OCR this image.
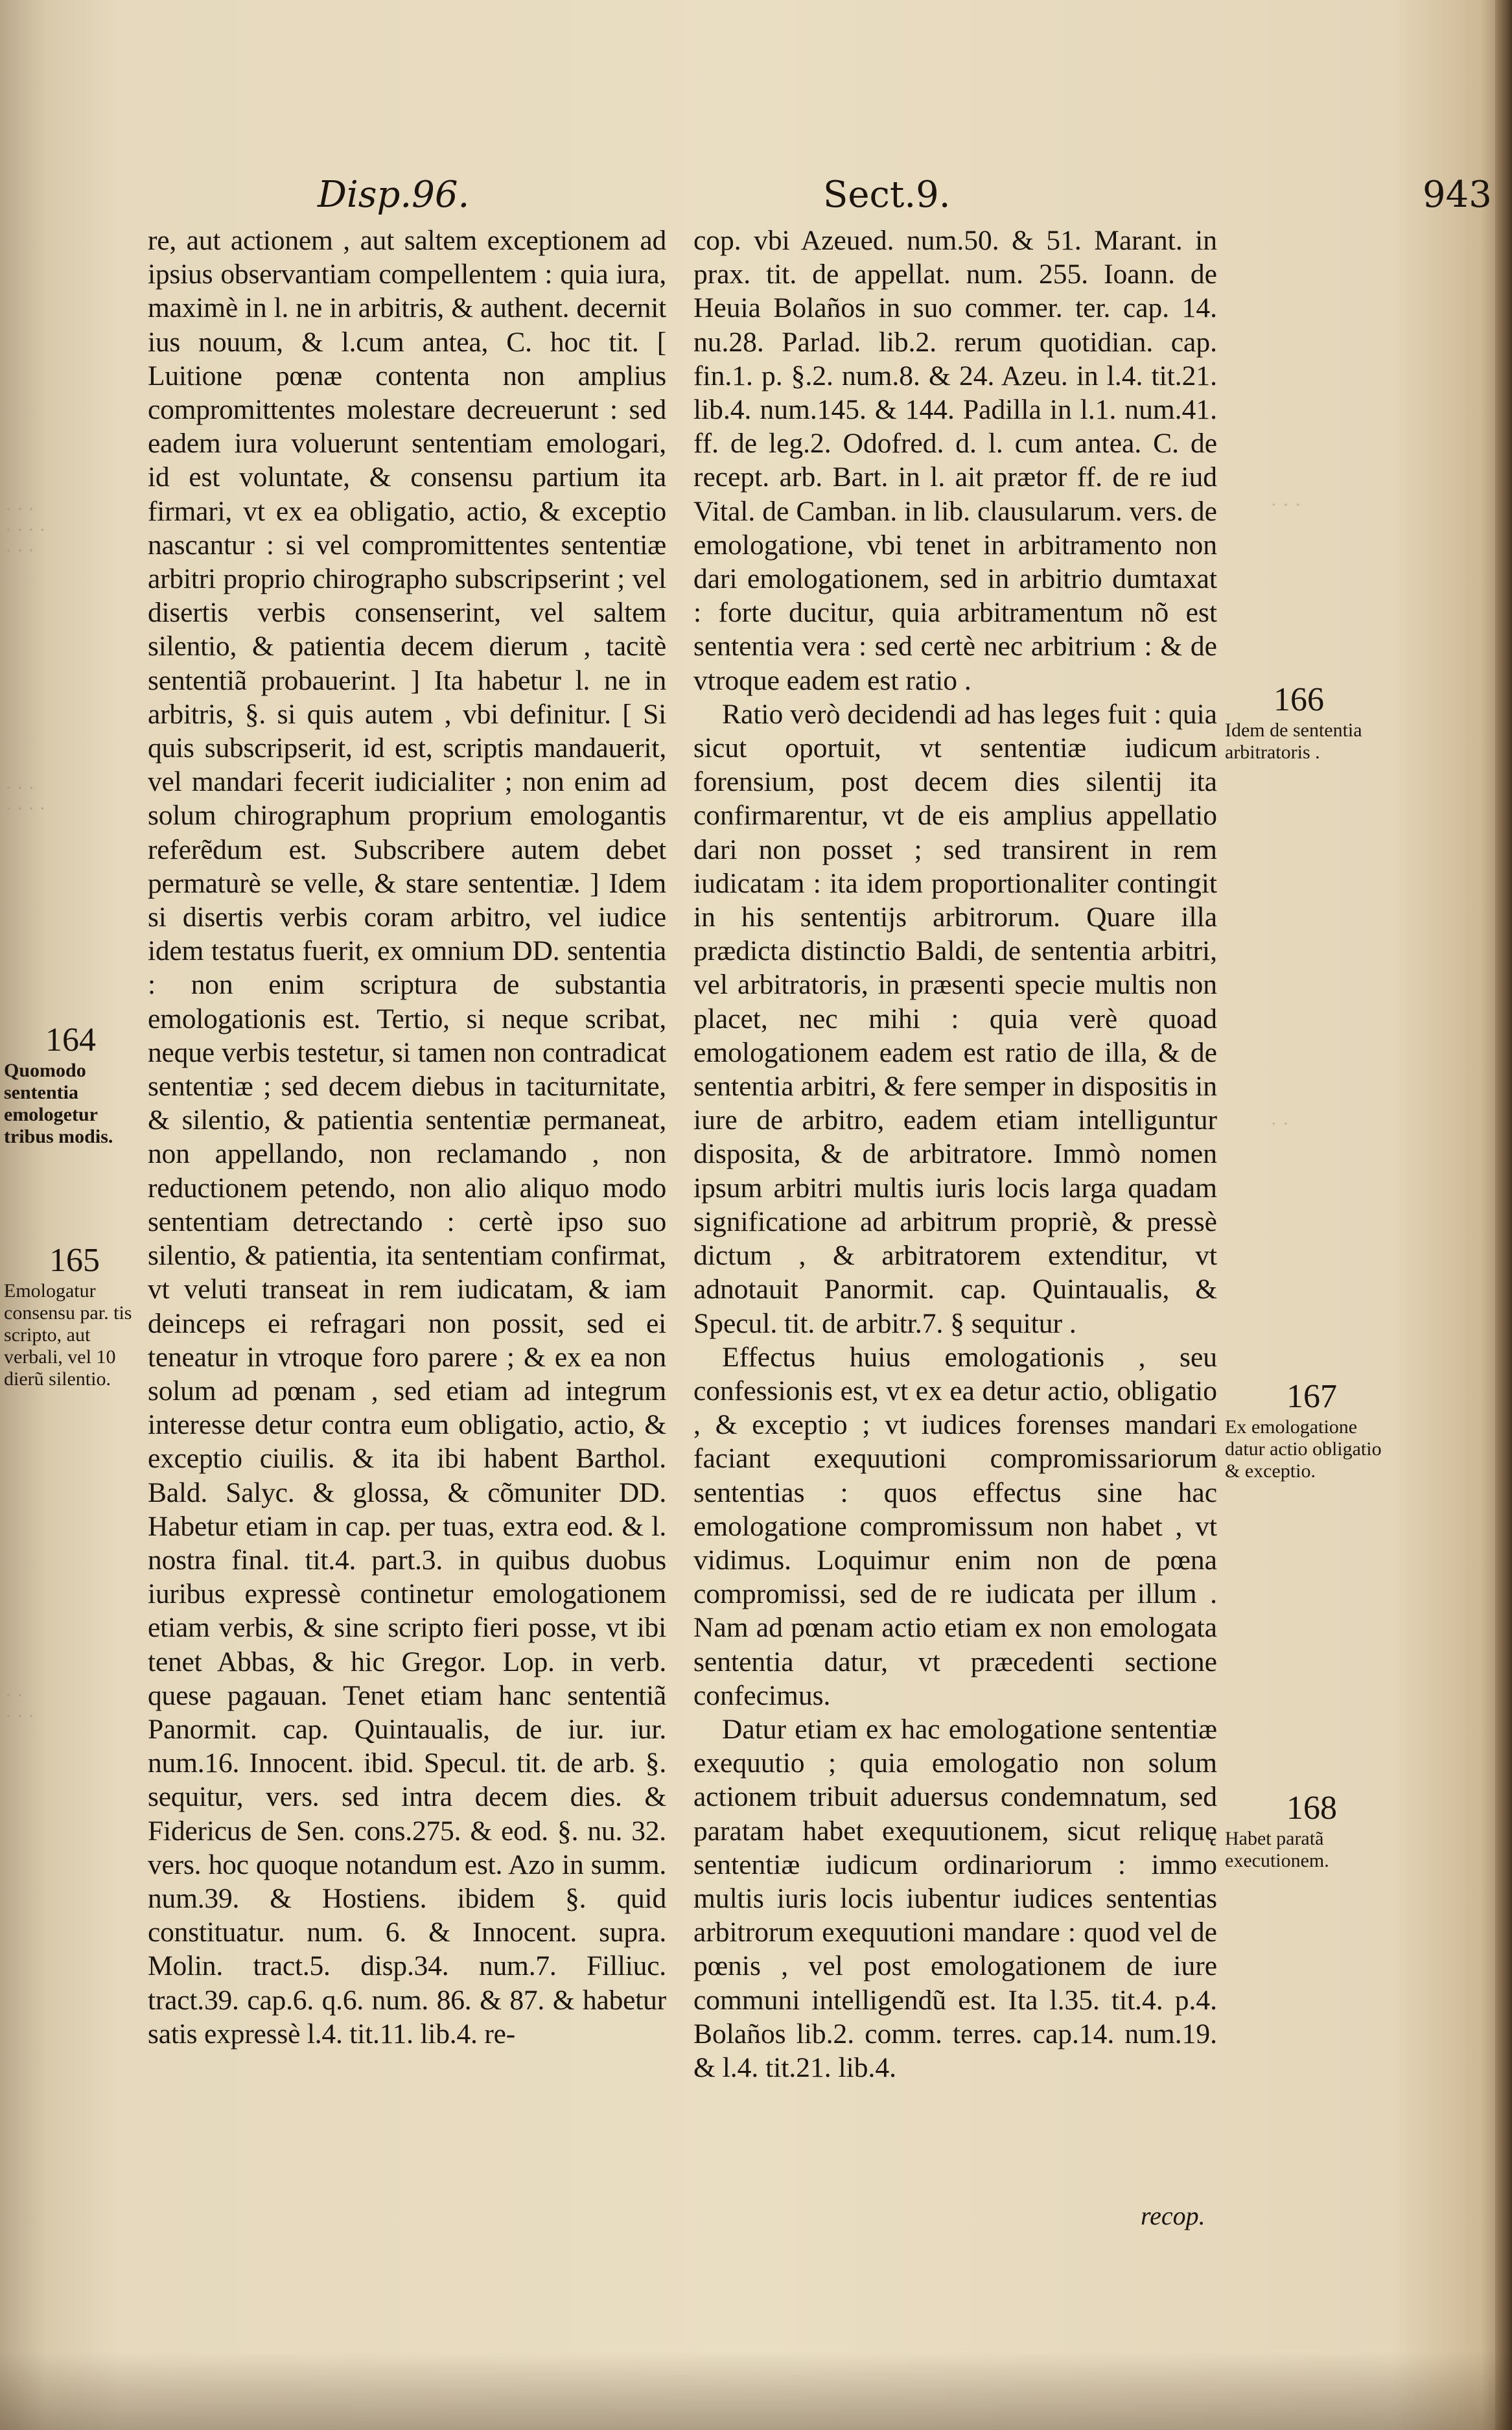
Disp.96.	Sect.9.	943
· · ·
· · · ·
· · ·
· · ·
· · · ·
· ·
· · ·
· · ·
· ·

re, aut actionem , aut saltem exceptionem ad ipsius observantiam compellentem : quia iura, maximè in l. ne in arbitris, & authent. decernit ius nouum, & l.cum antea, C. hoc tit. [ Luitione pœnæ contenta non amplius compromittentes molestare decreuerunt : sed eadem iura voluerunt sententiam emologari, id est voluntate, & consensu partium ita firmari, vt ex ea obligatio, actio, & exceptio nascantur : si vel compromittentes sententiæ arbitri proprio chirographo subscripserint ; vel disertis verbis consenserint, vel saltem silentio, & patientia decem dierum , tacitè sententiã probauerint. ] Ita habetur l. ne in arbitris, §. si quis autem , vbi definitur. [ Si quis subscripserit, id est, scriptis mandauerit, vel mandari fecerit iudicialiter ; non enim ad solum chirographum proprium emologantis referẽdum est. Subscribere autem debet permaturè se velle, & stare sententiæ. ] Idem si disertis verbis coram arbitro, vel iudice idem testatus fuerit, ex omnium DD. sententia : non enim scriptura de substantia emologationis est. Tertio, si neque scribat, neque verbis testetur, si tamen non contradicat sententiæ ; sed decem diebus in taciturnitate, & silentio, & patientia sententiæ permaneat, non appellando, non reclamando , non reductionem petendo, non alio aliquo modo sententiam detrectando : certè ipso suo silentio, & patientia, ita sententiam confirmat, vt veluti transeat in rem iudicatam, & iam deinceps ei refragari non possit, sed ei teneatur in vtroque foro parere ; & ex ea non solum ad pœnam , sed etiam ad integrum interesse detur contra eum obligatio, actio, & exceptio ciuilis. & ita ibi habent Barthol. Bald. Salyc. & glossa, & cõmuniter DD. Habetur etiam in cap. per tuas, extra eod. & l. nostra final. tit.4. part.3. in quibus duobus iuribus expressè continetur emologationem etiam verbis, & sine scripto fieri posse, vt ibi tenet Abbas, & hic Gregor. Lop. in verb. quese pagauan. Tenet etiam hanc sententiã Panormit. cap. Quintaualis, de iur. iur. num.16. Innocent. ibid. Specul. tit. de arb. §. sequitur, vers. sed intra decem dies. & Fidericus de Sen. cons.275. & eod. §. nu. 32. vers. hoc quoque notandum est. Azo in summ. num.39. & Hostiens. ibidem §. quid constituatur. num. 6. & Innocent. supra. Molin. tract.5. disp.34. num.7. Filliuc. tract.39. cap.6. q.6. num. 86. & 87. & habetur satis expressè l.4. tit.11. lib.4. re-

cop. vbi Azeued. num.50. & 51. Marant. in prax. tit. de appellat. num. 255. Ioann. de Heuia Bolaños in suo commer. ter. cap. 14. nu.28. Parlad. lib.2. rerum quotidian. cap. fin.1. p. §.2. num.8. & 24. Azeu. in l.4. tit.21. lib.4. num.145. & 144. Padilla in l.1. num.41. ff. de leg.2. Odofred. d. l. cum antea. C. de recept. arb. Bart. in l. ait prætor ff. de re iud Vital. de Camban. in lib. clausularum. vers. de emologatione, vbi tenet in arbitramento non dari emologationem, sed in arbitrio dumtaxat : forte ducitur, quia arbitramentum nõ est sententia vera : sed certè nec arbitrium : & de vtroque eadem est ratio .

Ratio verò decidendi ad has leges fuit : quia sicut oportuit, vt sententiæ iudicum forensium, post decem dies silentij ita confirmarentur, vt de eis amplius appellatio dari non posset ; sed transirent in rem iudicatam : ita idem proportionaliter contingit in his sententijs arbitrorum. Quare illa prædicta distinctio Baldi, de sententia arbitri, vel arbitratoris, in præsenti specie multis non placet, nec mihi : quia verè quoad emologationem eadem est ratio de illa, & de sententia arbitri, & fere semper in dispositis in iure de arbitro, eadem etiam intelliguntur disposita, & de arbitratore. Immò nomen ipsum arbitri multis iuris locis larga quadam significatione ad arbitrum propriè, & pressè dictum , & arbitratorem extenditur, vt adnotauit Panormit. cap. Quintaualis, & Specul. tit. de arbitr.7. § sequitur .

Effectus huius emologationis , seu confessionis est, vt ex ea detur actio, obligatio , & exceptio ; vt iudices forenses mandari faciant exequutioni compromissariorum sententias : quos effectus sine hac emologatione compromissum non habet , vt vidimus. Loquimur enim non de pœna compromissi, sed de re iudicata per illum . Nam ad pœnam actio etiam ex non emologata sententia datur, vt præcedenti sectione confecimus.

Datur etiam ex hac emologatione sententiæ exequutio ; quia emologatio non solum actionem tribuit aduersus condemnatum, sed paratam habet exequutionem, sicut reliquę sententiæ iudicum ordinariorum : immo multis iuris locis iubentur iudices sententias arbitrorum exequutioni mandare : quod vel de pœnis , vel post emologationem de iure communi intelligendũ est. Ita l.35. tit.4. p.4. Bolaños lib.2. comm. terres. cap.14. num.19. & l.4. tit.21. lib.4.

recop.
164
Quomodo sententia emologetur tribus modis.
165
Emologatur consensu par. tis scripto, aut verbali, vel 10 dierũ silentio.
166
Idem de sententia arbitratoris .
167
Ex emologatione datur actio obligatio & exceptio.
168
Habet paratã executionem.
